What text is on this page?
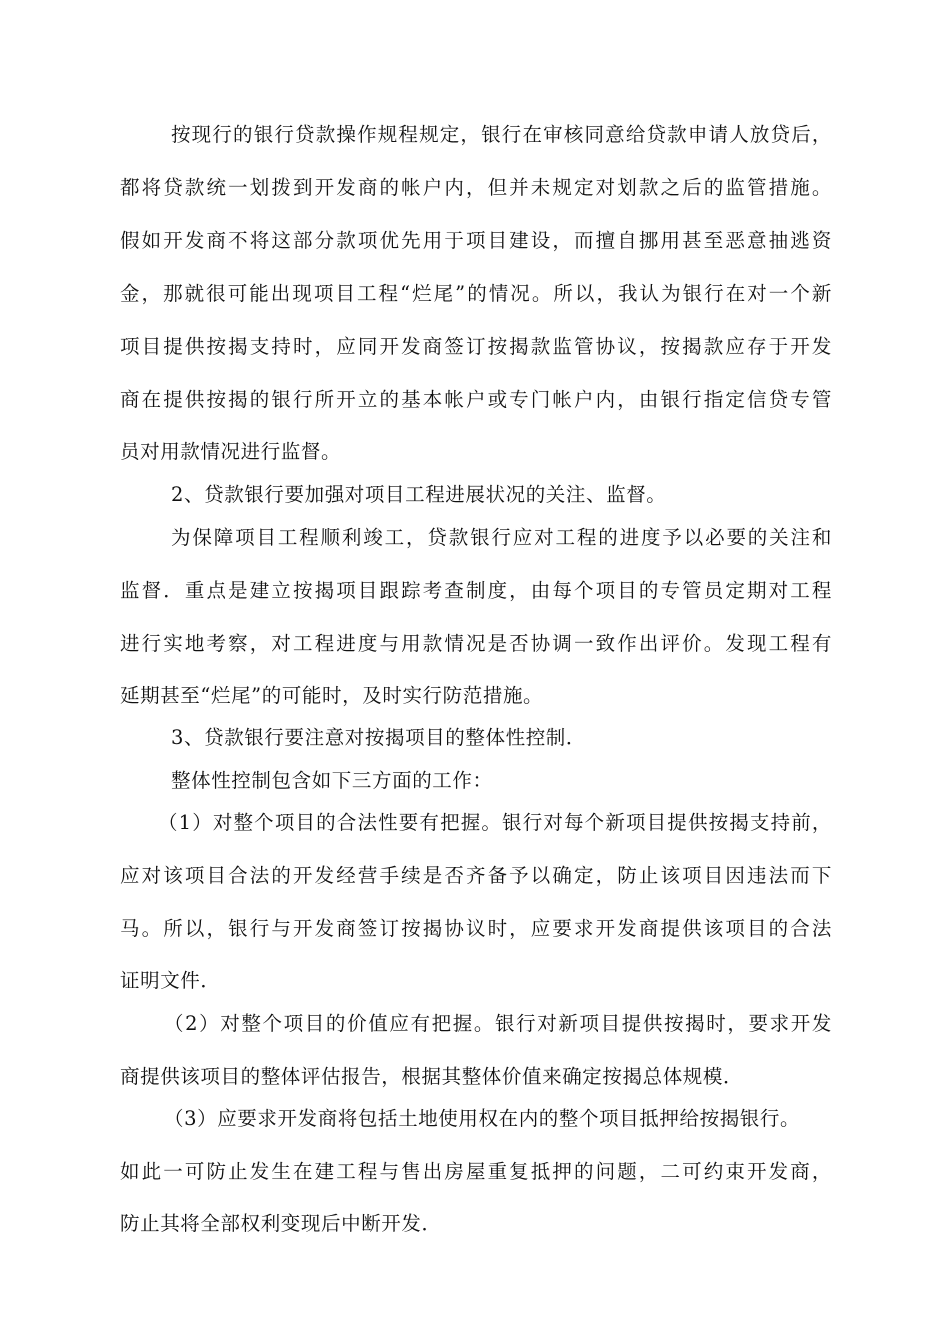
按现行的银行贷款操作规程规定，银行在审核同意给贷款申请人放贷后，
都将贷款统一划拨到开发商的帐户内，但并未规定对划款之后的监管措施。
假如开发商不将这部分款项优先用于项目建设，而擅自挪用甚至恶意抽逃资
金，那就很可能出现项目工程“烂尾”的情况。所以，我认为银行在对一个新
项目提供按揭支持时，应同开发商签订按揭款监管协议，按揭款应存于开发
商在提供按揭的银行所开立的基本帐户或专门帐户内，由银行指定信贷专管
员对用款情况进行监督。
2、贷款银行要加强对项目工程进展状况的关注、监督。
为保障项目工程顺利竣工，贷款银行应对工程的进度予以必要的关注和
监督．重点是建立按揭项目跟踪考查制度，由每个项目的专管员定期对工程
进行实地考察，对工程进度与用款情况是否协调一致作出评价。发现工程有
延期甚至“烂尾”的可能时，及时实行防范措施。
3、贷款银行要注意对按揭项目的整体性控制．
整体性控制包含如下三方面的工作：
（1）对整个项目的合法性要有把握。银行对每个新项目提供按揭支持前，
应对该项目合法的开发经营手续是否齐备予以确定，防止该项目因违法而下
马。所以，银行与开发商签订按揭协议时，应要求开发商提供该项目的合法
证明文件．
（2）对整个项目的价值应有把握。银行对新项目提供按揭时，要求开发
商提供该项目的整体评估报告，根据其整体价值来确定按揭总体规模．
（3）应要求开发商将包括土地使用权在内的整个项目抵押给按揭银行。
如此一可防止发生在建工程与售出房屋重复抵押的问题，二可约束开发商，
防止其将全部权利变现后中断开发．
